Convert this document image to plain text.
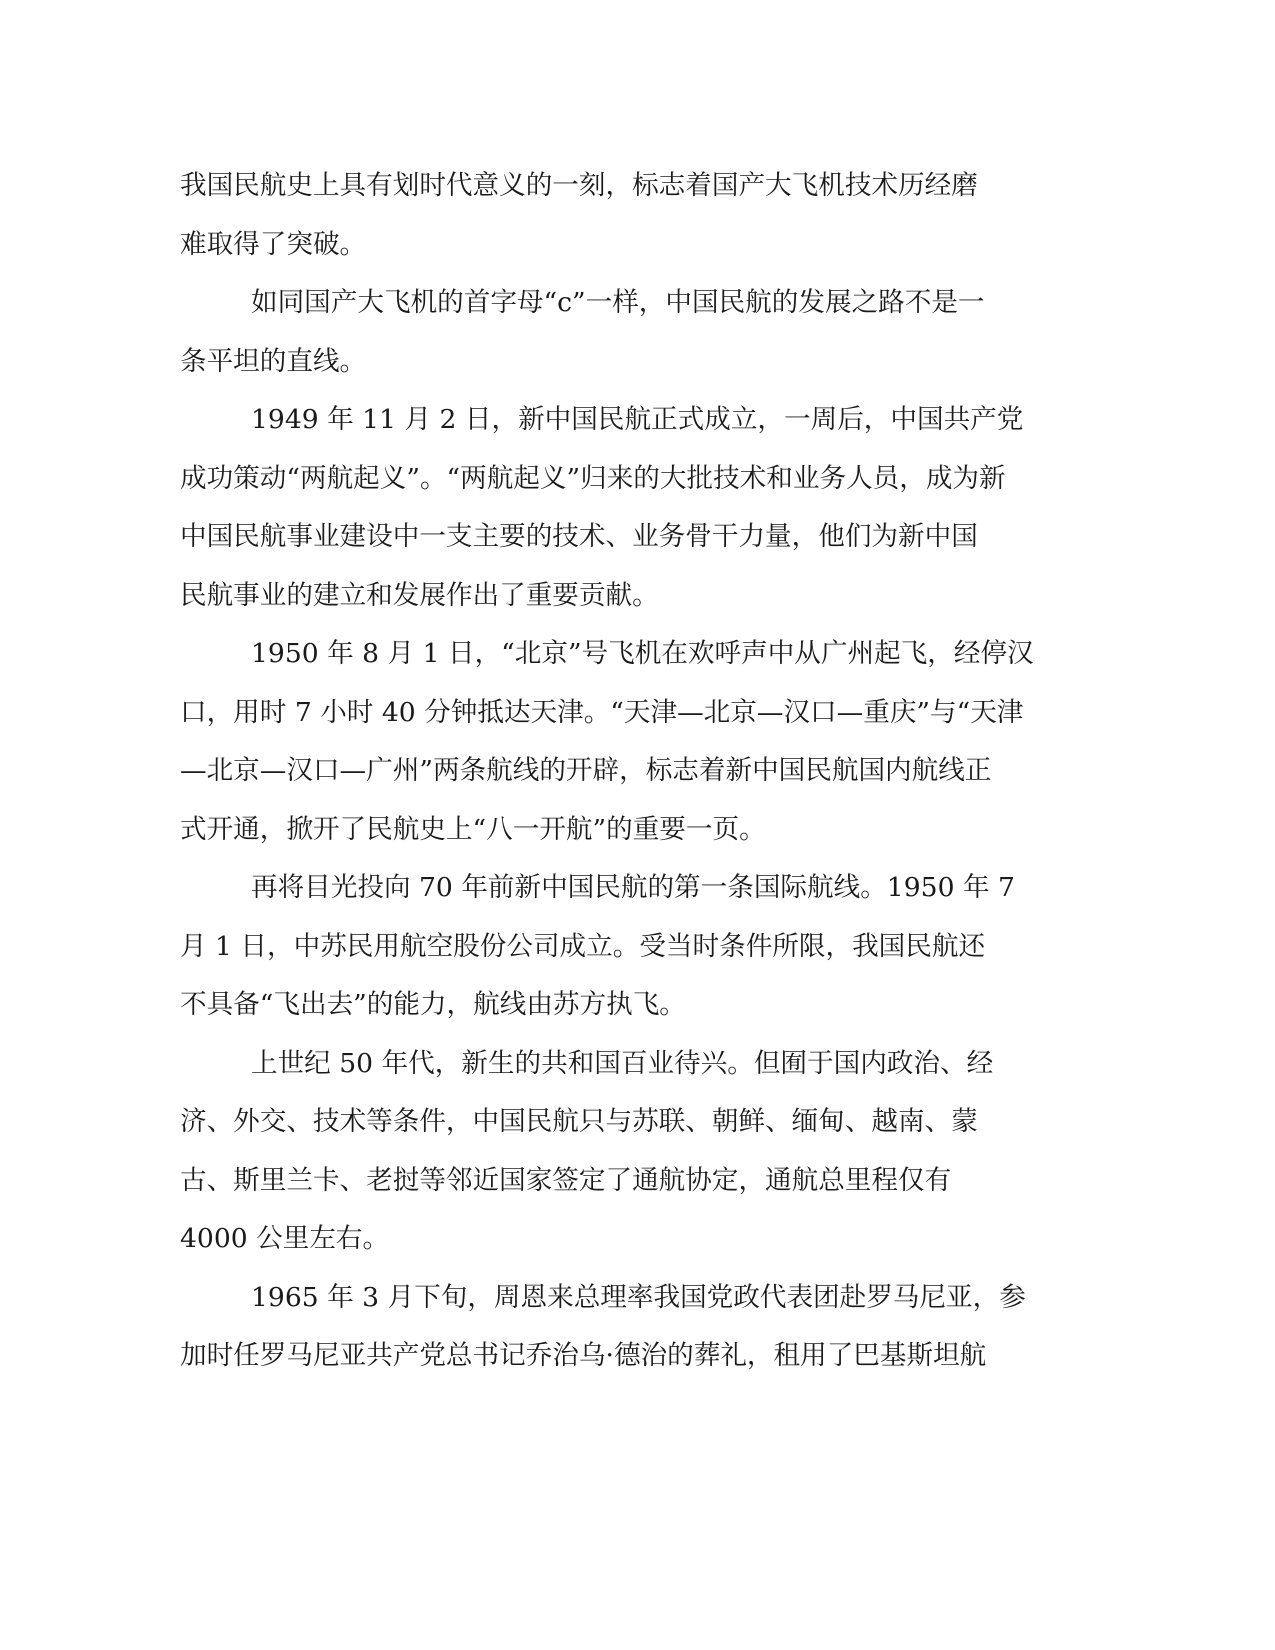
我国民航史上具有划时代意义的一刻，标志着国产大飞机技术历经磨
难取得了突破。
如同国产大飞机的首字母“c”一样，中国民航的发展之路不是一
条平坦的直线。
1949 年 11 月 2 日，新中国民航正式成立，一周后，中国共产党
成功策动“两航起义”。“两航起义”归来的大批技术和业务人员，成为新
中国民航事业建设中一支主要的技术、业务骨干力量，他们为新中国
民航事业的建立和发展作出了重要贡献。
1950 年 8 月 1 日，“北京”号飞机在欢呼声中从广州起飞，经停汉
口，用时 7 小时 40 分钟抵达天津。“天津—北京—汉口—重庆”与“天津
—北京—汉口—广州”两条航线的开辟，标志着新中国民航国内航线正
式开通，掀开了民航史上“八一开航”的重要一页。
再将目光投向 70 年前新中国民航的第一条国际航线。1950 年 7
月 1 日，中苏民用航空股份公司成立。受当时条件所限，我国民航还
不具备“飞出去”的能力，航线由苏方执飞。
上世纪 50 年代，新生的共和国百业待兴。但囿于国内政治、经
济、外交、技术等条件，中国民航只与苏联、朝鲜、缅甸、越南、蒙
古、斯里兰卡、老挝等邻近国家签定了通航协定，通航总里程仅有
4000 公里左右。
1965 年 3 月下旬，周恩来总理率我国党政代表团赴罗马尼亚，参
加时任罗马尼亚共产党总书记乔治乌·德治的葬礼，租用了巴基斯坦航
